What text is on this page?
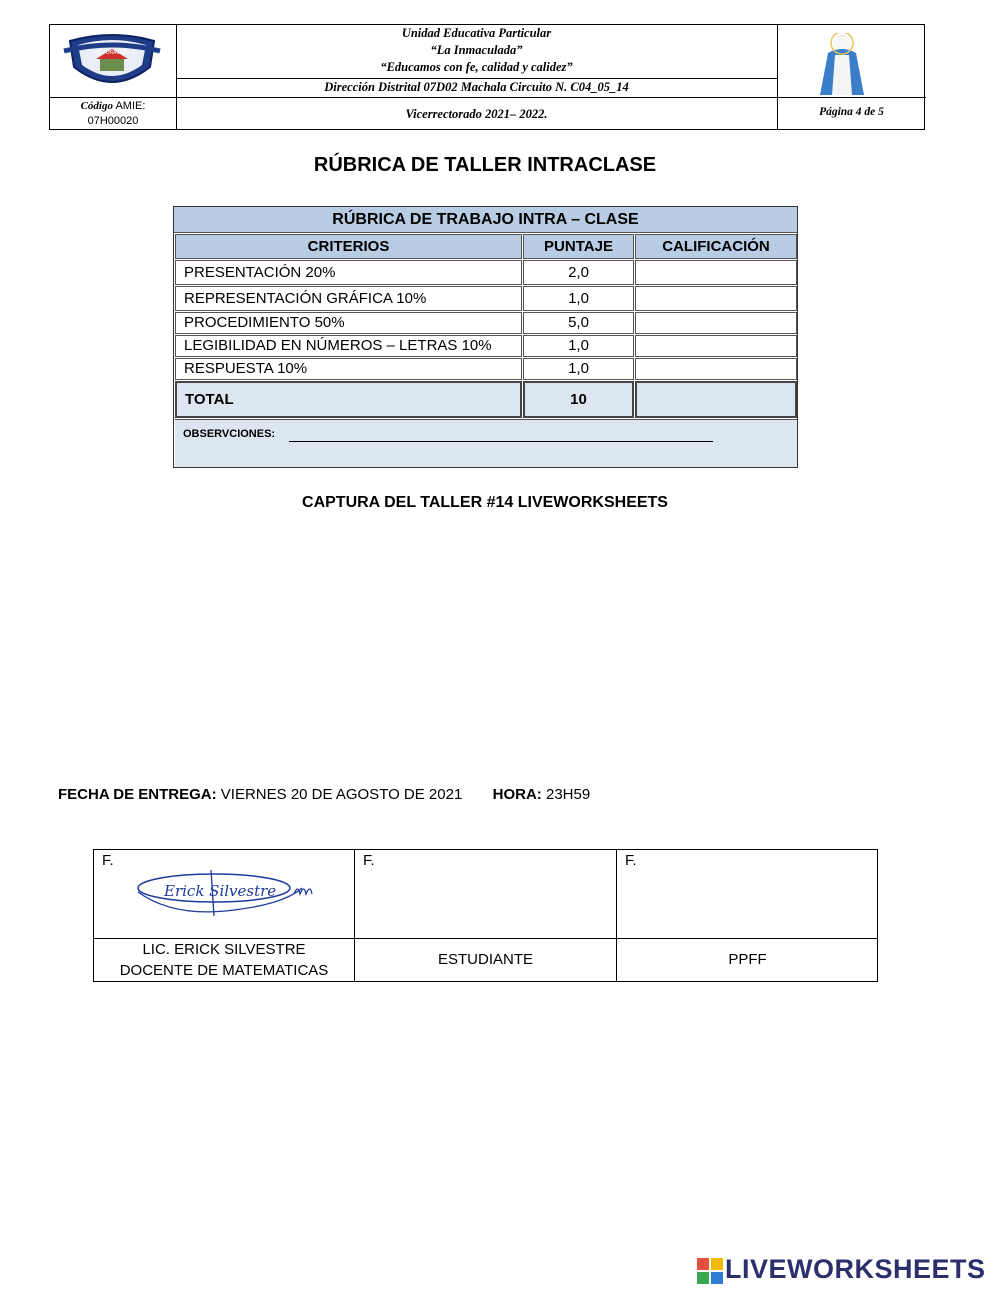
FE · ORACION
Código AMIE:
07H00020
Unidad Educativa Particular
“La Inmaculada”
“Educamos con fe, calidad y calidez”
Dirección Distrital 07D02 Machala Circuito N. C04_05_14
Vicerrectorado 2021– 2022.	Página 4 de 5
RÚBRICA DE TALLER INTRACLASE
RÚBRICA DE TRABAJO INTRA – CLASE
CRITERIOS	PUNTAJE	CALIFICACIÓN
PRESENTACIÓN 20%	2,0
REPRESENTACIÓN GRÁFICA 10%	1,0
PROCEDIMIENTO 50%	5,0
LEGIBILIDAD EN NÚMEROS – LETRAS 10%	1,0
RESPUESTA 10%	1,0
TOTAL	10
OBSERVCIONES:
CAPTURA DEL TALLER #14 LIVEWORKSHEETS
FECHA DE ENTREGA: VIERNES 20 DE AGOSTO DE 2021 HORA: 23H59
F.	F.	F.
Erick Silvestre
LIC. ERICK SILVESTRE
DOCENTE DE MATEMATICAS
ESTUDIANTE	PPFF
LIVEWORKSHEETS
